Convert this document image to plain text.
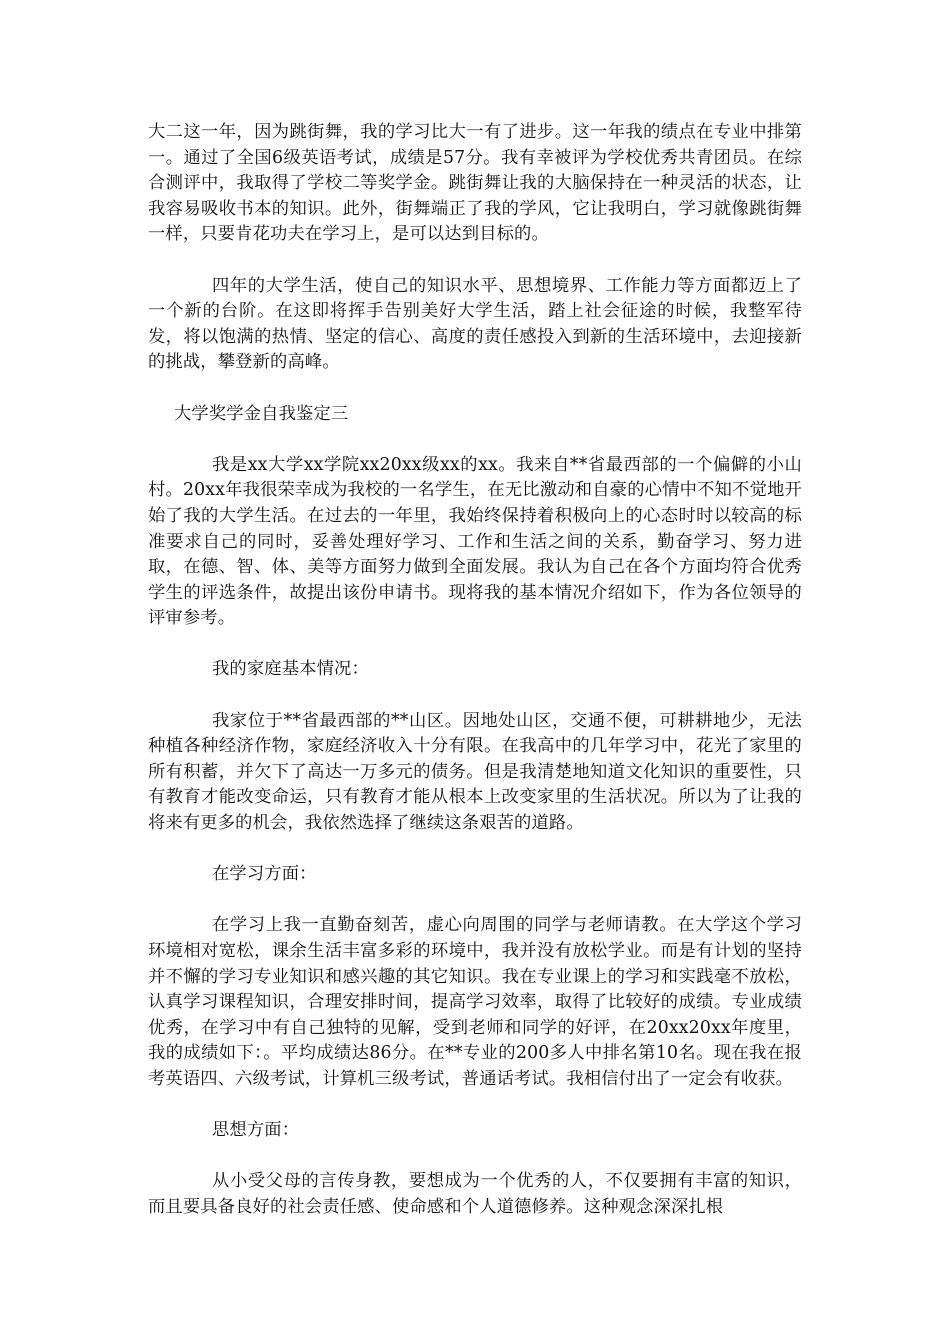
大二这一年，因为跳街舞，我的学习比大一有了进步。这一年我的绩点在专业中排第一。通过了全国6级英语考试，成绩是57分。我有幸被评为学校优秀共青团员。在综合测评中，我取得了学校二等奖学金。跳街舞让我的大脑保持在一种灵活的状态，让我容易吸收书本的知识。此外，街舞端正了我的学风，它让我明白，学习就像跳街舞一样，只要肯花功夫在学习上，是可以达到目标的。

四年的大学生活，使自己的知识水平、思想境界、工作能力等方面都迈上了一个新的台阶。在这即将挥手告别美好大学生活，踏上社会征途的时候，我整军待发，将以饱满的热情、坚定的信心、高度的责任感投入到新的生活环境中，去迎接新的挑战，攀登新的高峰。

大学奖学金自我鉴定三

我是xx大学xx学院xx20xx级xx的xx。我来自**省最西部的一个偏僻的小山村。20xx年我很荣幸成为我校的一名学生，在无比激动和自豪的心情中不知不觉地开始了我的大学生活。在过去的一年里，我始终保持着积极向上的心态时时以较高的标准要求自己的同时，妥善处理好学习、工作和生活之间的关系，勤奋学习、努力进取，在德、智、体、美等方面努力做到全面发展。我认为自己在各个方面均符合优秀学生的评选条件，故提出该份申请书。现将我的基本情况介绍如下，作为各位领导的评审参考。

我的家庭基本情况：

我家位于**省最西部的**山区。因地处山区，交通不便，可耕耕地少，无法种植各种经济作物，家庭经济收入十分有限。在我高中的几年学习中，花光了家里的所有积蓄，并欠下了高达一万多元的债务。但是我清楚地知道文化知识的重要性，只有教育才能改变命运，只有教育才能从根本上改变家里的生活状况。所以为了让我的将来有更多的机会，我依然选择了继续这条艰苦的道路。

在学习方面：

在学习上我一直勤奋刻苦，虚心向周围的同学与老师请教。在大学这个学习环境相对宽松，课余生活丰富多彩的环境中，我并没有放松学业。而是有计划的坚持并不懈的学习专业知识和感兴趣的其它知识。我在专业课上的学习和实践毫不放松，认真学习课程知识，合理安排时间，提高学习效率，取得了比较好的成绩。专业成绩优秀，在学习中有自己独特的见解，受到老师和同学的好评，在20xx20xx年度里，我的成绩如下：。平均成绩达86分。在**专业的200多人中排名第10名。现在我在报考英语四、六级考试，计算机三级考试，普通话考试。我相信付出了一定会有收获。

思想方面：

从小受父母的言传身教，要想成为一个优秀的人，不仅要拥有丰富的知识，而且要具备良好的社会责任感、使命感和个人道德修养。这种观念深深扎根
